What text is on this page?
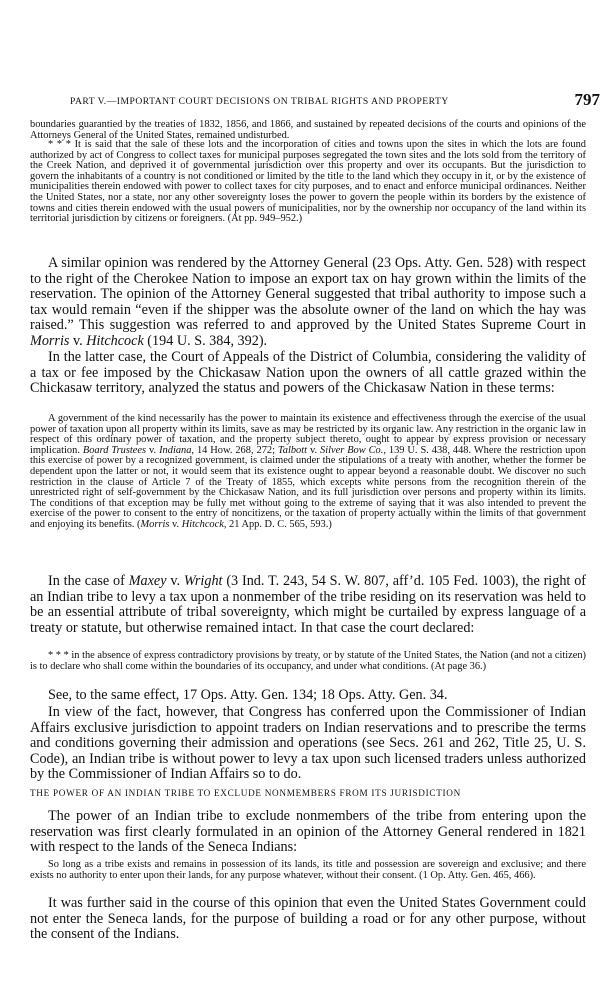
PART V.—IMPORTANT COURT DECISIONS ON TRIBAL RIGHTS AND PROPERTY	797

boundaries guarantied by the treaties of 1832, 1856, and 1866, and sustained by repeated decisions of the courts and opinions of the Attorneys General of the United States, remained undisturbed.

* * * It is said that the sale of these lots and the incorporation of cities and towns upon the sites in which the lots are found authorized by act of Congress to collect taxes for municipal purposes segregated the town sites and the lots sold from the territory of the Creek Nation, and deprived it of governmental jurisdiction over this property and over its occupants. But the jurisdiction to govern the inhabitants of a country is not conditioned or limited by the title to the land which they occupy in it, or by the existence of municipalities therein endowed with power to collect taxes for city purposes, and to enact and enforce municipal ordinances. Neither the United States, nor a state, nor any other sovereignty loses the power to govern the people within its borders by the existence of towns and cities therein endowed with the usual powers of municipalities, nor by the ownership nor occupancy of the land within its territorial jurisdiction by citizens or foreigners. (At pp. 949–952.)

A similar opinion was rendered by the Attorney General (23 Ops. Atty. Gen. 528) with respect to the right of the Cherokee Nation to impose an export tax on hay grown within the limits of the reservation. The opinion of the Attorney General suggested that tribal authority to impose such a tax would remain “even if the shipper was the absolute owner of the land on which the hay was raised.” This suggestion was referred to and approved by the United States Supreme Court in Morris v. Hitchcock (194 U. S. 384, 392).

In the latter case, the Court of Appeals of the District of Columbia, considering the validity of a tax or fee imposed by the Chickasaw Nation upon the owners of all cattle grazed within the Chickasaw territory, analyzed the status and powers of the Chickasaw Nation in these terms:

A government of the kind necessarily has the power to maintain its existence and effectiveness through the exercise of the usual power of taxation upon all property within its limits, save as may be restricted by its organic law. Any restriction in the organic law in respect of this ordinary power of taxation, and the property subject thereto, ought to appear by express provision or necessary implication. Board Trustees v. Indiana, 14 How. 268, 272; Talbott v. Silver Bow Co., 139 U. S. 438, 448. Where the restriction upon this exercise of power by a recognized government, is claimed under the stipulations of a treaty with another, whether the former be dependent upon the latter or not, it would seem that its existence ought to appear beyond a reasonable doubt. We discover no such restriction in the clause of Article 7 of the Treaty of 1855, which excepts white persons from the recognition therein of the unrestricted right of self-government by the Chickasaw Nation, and its full jurisdiction over persons and property within its limits. The conditions of that exception may be fully met without going to the extreme of saying that it was also intended to prevent the exercise of the power to consent to the entry of noncitizens, or the taxation of property actually within the limits of that government and enjoying its benefits. (Morris v. Hitchcock, 21 App. D. C. 565, 593.)

In the case of Maxey v. Wright (3 Ind. T. 243, 54 S. W. 807, aff’d. 105 Fed. 1003), the right of an Indian tribe to levy a tax upon a nonmember of the tribe residing on its reservation was held to be an essential attribute of tribal sovereignty, which might be curtailed by express language of a treaty or statute, but otherwise remained intact. In that case the court declared:

* * * in the absence of express contradictory provisions by treaty, or by statute of the United States, the Nation (and not a citizen) is to declare who shall come within the boundaries of its occupancy, and under what conditions. (At page 36.)

See, to the same effect, 17 Ops. Atty. Gen. 134; 18 Ops. Atty. Gen. 34.

In view of the fact, however, that Congress has conferred upon the Commissioner of Indian Affairs exclusive jurisdiction to appoint traders on Indian reservations and to prescribe the terms and conditions governing their admission and operations (see Secs. 261 and 262, Title 25, U. S. Code), an Indian tribe is without power to levy a tax upon such licensed traders unless authorized by the Commissioner of Indian Affairs so to do.

THE POWER OF AN INDIAN TRIBE TO EXCLUDE NONMEMBERS FROM ITS JURISDICTION

The power of an Indian tribe to exclude nonmembers of the tribe from entering upon the reservation was first clearly formulated in an opinion of the Attorney General rendered in 1821 with respect to the lands of the Seneca Indians:

So long as a tribe exists and remains in possession of its lands, its title and possession are sovereign and exclusive; and there exists no authority to enter upon their lands, for any purpose whatever, without their consent. (1 Op. Atty. Gen. 465, 466).

It was further said in the course of this opinion that even the United States Government could not enter the Seneca lands, for the purpose of building a road or for any other purpose, without the consent of the Indians.
